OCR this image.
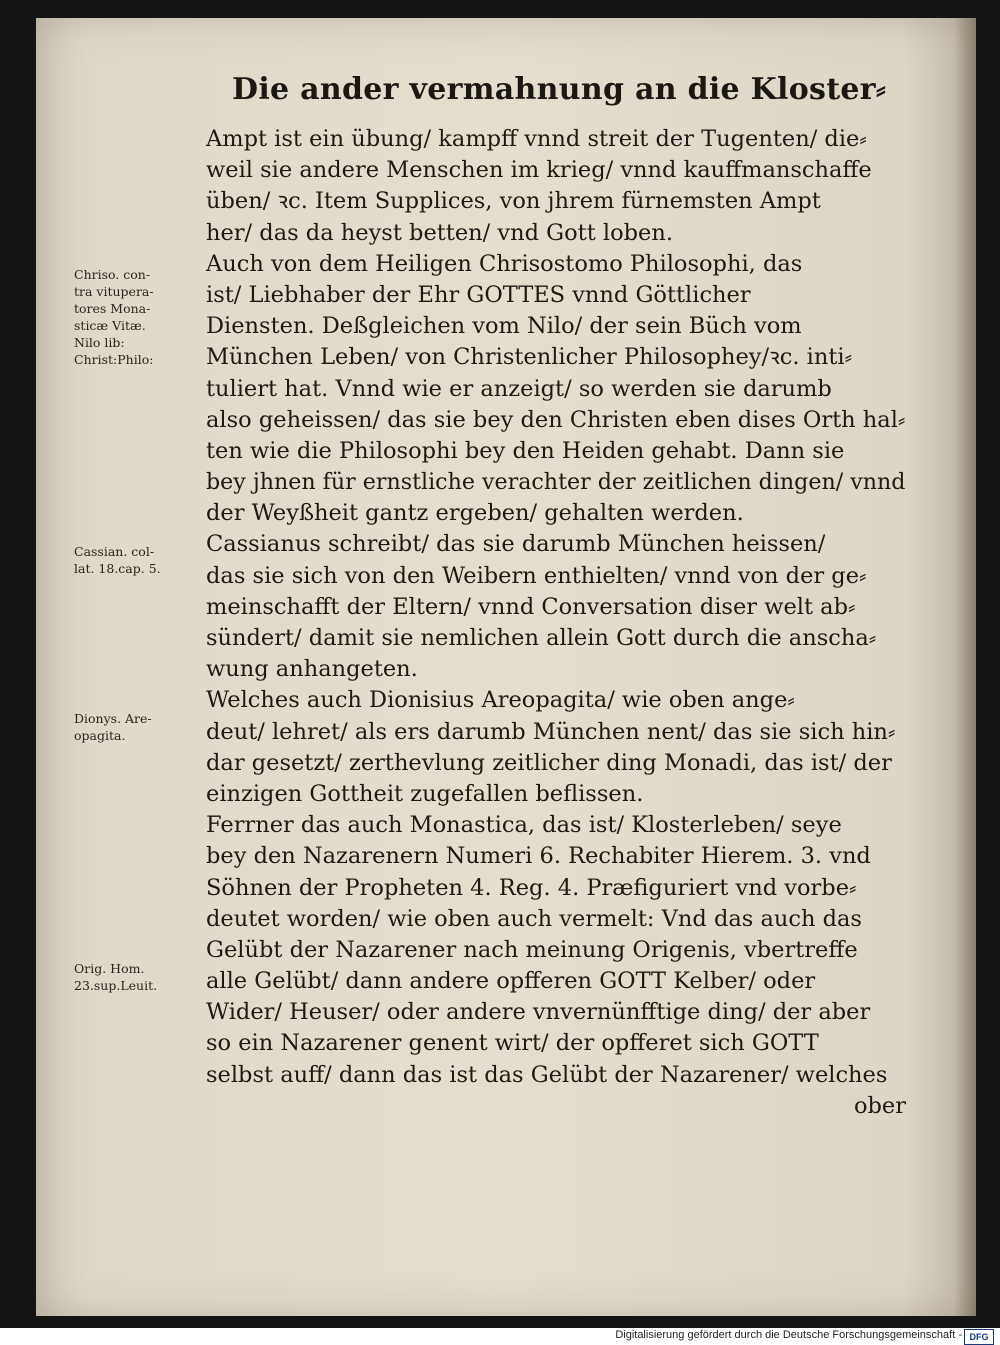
Die ander vermahnung an die Kloster⸗
Ampt ist ein übung/ kampff vnnd streit der Tugenten/ die⸗
weil sie andere Menschen im krieg/ vnnd kauffmanschaffe
üben/ ꝛc. Item Supplices, von jhrem fürnemsten Ampt
her/ das da heyst betten/ vnd Gott loben.
Auch von dem Heiligen Chrisostomo Philosophi, das
ist/ Liebhaber der Ehr GOTTES vnnd Göttlicher
Diensten. Deßgleichen vom Nilo/ der sein Büch vom
München Leben/ von Christenlicher Philosophey/ꝛc. inti⸗
tuliert hat. Vnnd wie er anzeigt/ so werden sie darumb
also geheissen/ das sie bey den Christen eben dises Orth hal⸗
ten wie die Philosophi bey den Heiden gehabt. Dann sie
bey jhnen für ernstliche verachter der zeitlichen dingen/ vnnd
der Weyßheit gantz ergeben/ gehalten werden.
Cassianus schreibt/ das sie darumb München heissen/
das sie sich von den Weibern enthielten/ vnnd von der ge⸗
meinschafft der Eltern/ vnnd Conversation diser welt ab⸗
sündert/ damit sie nemlichen allein Gott durch die anscha⸗
wung anhangeten.
Welches auch Dionisius Areopagita/ wie oben ange⸗
deut/ lehret/ als ers darumb München nent/ das sie sich hin⸗
dar gesetzt/ zerthevlung zeitlicher ding Monadi, das ist/ der
einzigen Gottheit zugefallen beflissen.
Ferrner das auch Monastica, das ist/ Klosterleben/ seye
bey den Nazarenern Numeri 6. Rechabiter Hierem. 3. vnd
Söhnen der Propheten 4. Reg. 4. Præfiguriert vnd vorbe⸗
deutet worden/ wie oben auch vermelt: Vnd das auch das
Gelübt der Nazarener nach meinung Origenis, vbertreffe
alle Gelübt/ dann andere opfferen GOTT Kelber/ oder
Wider/ Heuser/ oder andere vnvernünfftige ding/ der aber
so ein Nazarener genent wirt/ der opfferet sich GOTT
selbst auff/ dann das ist das Gelübt der Nazarener/ welches
ober
Chriso. con-
tra vitupera-
tores Mona-
sticæ Vitæ.
Nilo lib:
Christ:Philo:
Cassian. col-
lat. 18.cap. 5.
Dionys. Are-
opagita.
Orig. Hom.
23.sup.Leuit.
Digitalisierung gefördert durch die Deutsche Forschungsgemeinschaft - DFG
